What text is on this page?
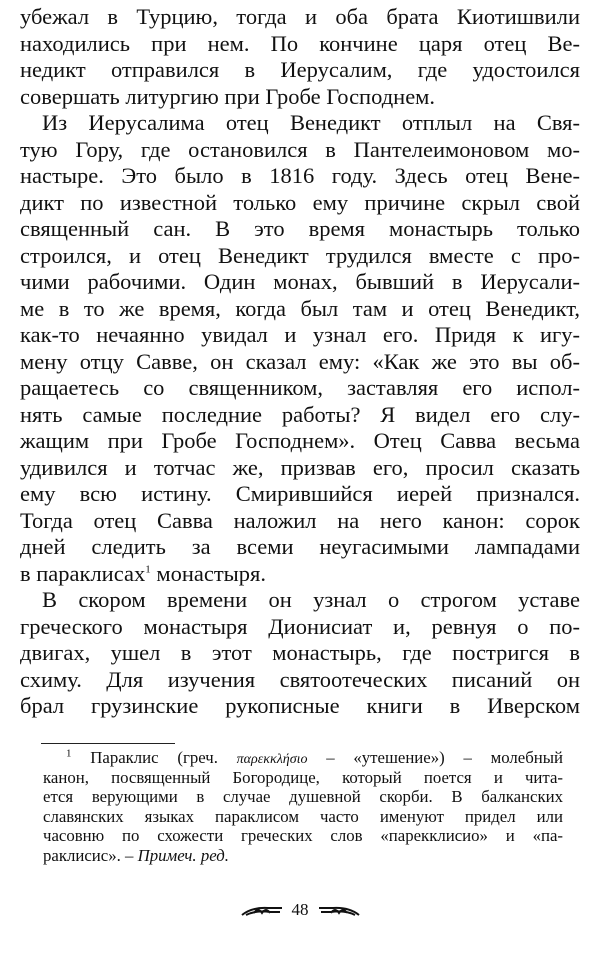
убежал в Турцию, тогда и оба брата Киотишвили
находились при нем. По кончине царя отец Ве-
недикт отправился в Иерусалим, где удостоился
совершать литургию при Гробе Господнем.
Из Иерусалима отец Венедикт отплыл на Свя-
тую Гору, где остановился в Пантелеимоновом мо-
настыре. Это было в 1816 году. Здесь отец Вене-
дикт по известной только ему причине скрыл свой
священный сан. В это время монастырь только
строился, и отец Венедикт трудился вместе с про-
чими рабочими. Один монах, бывший в Иерусали-
ме в то же время, когда был там и отец Венедикт,
как-то нечаянно увидал и узнал его. Придя к игу-
мену отцу Савве, он сказал ему: «Как же это вы об-
ращаетесь со священником, заставляя его испол-
нять самые последние работы? Я видел его слу-
жащим при Гробе Господнем». Отец Савва весьма
удивился и тотчас же, призвав его, просил сказать
ему всю истину. Смирившийся иерей признался.
Тогда отец Савва наложил на него канон: сорок
дней следить за всеми неугасимыми лампадами
в параклисах$^1$ монастыря.
В скором времени он узнал о строгом уставе
греческого монастыря Дионисиат и, ревнуя о по-
двигах, ушел в этот монастырь, где постригся в
схиму. Для изучения святоотеческих писаний он
брал грузинские рукописные книги в Иверском
$^1$ Параклис (греч. παρεκκλήσιο – «утешение») – молебный
канон, посвященный Богородице, который поется и чита-
ется верующими в случае душевной скорби. В балканских
славянских языках параклисом часто именуют придел или
часовню по схожести греческих слов «парекклисио» и «па-
раклисис». – Примеч. ред.
48
